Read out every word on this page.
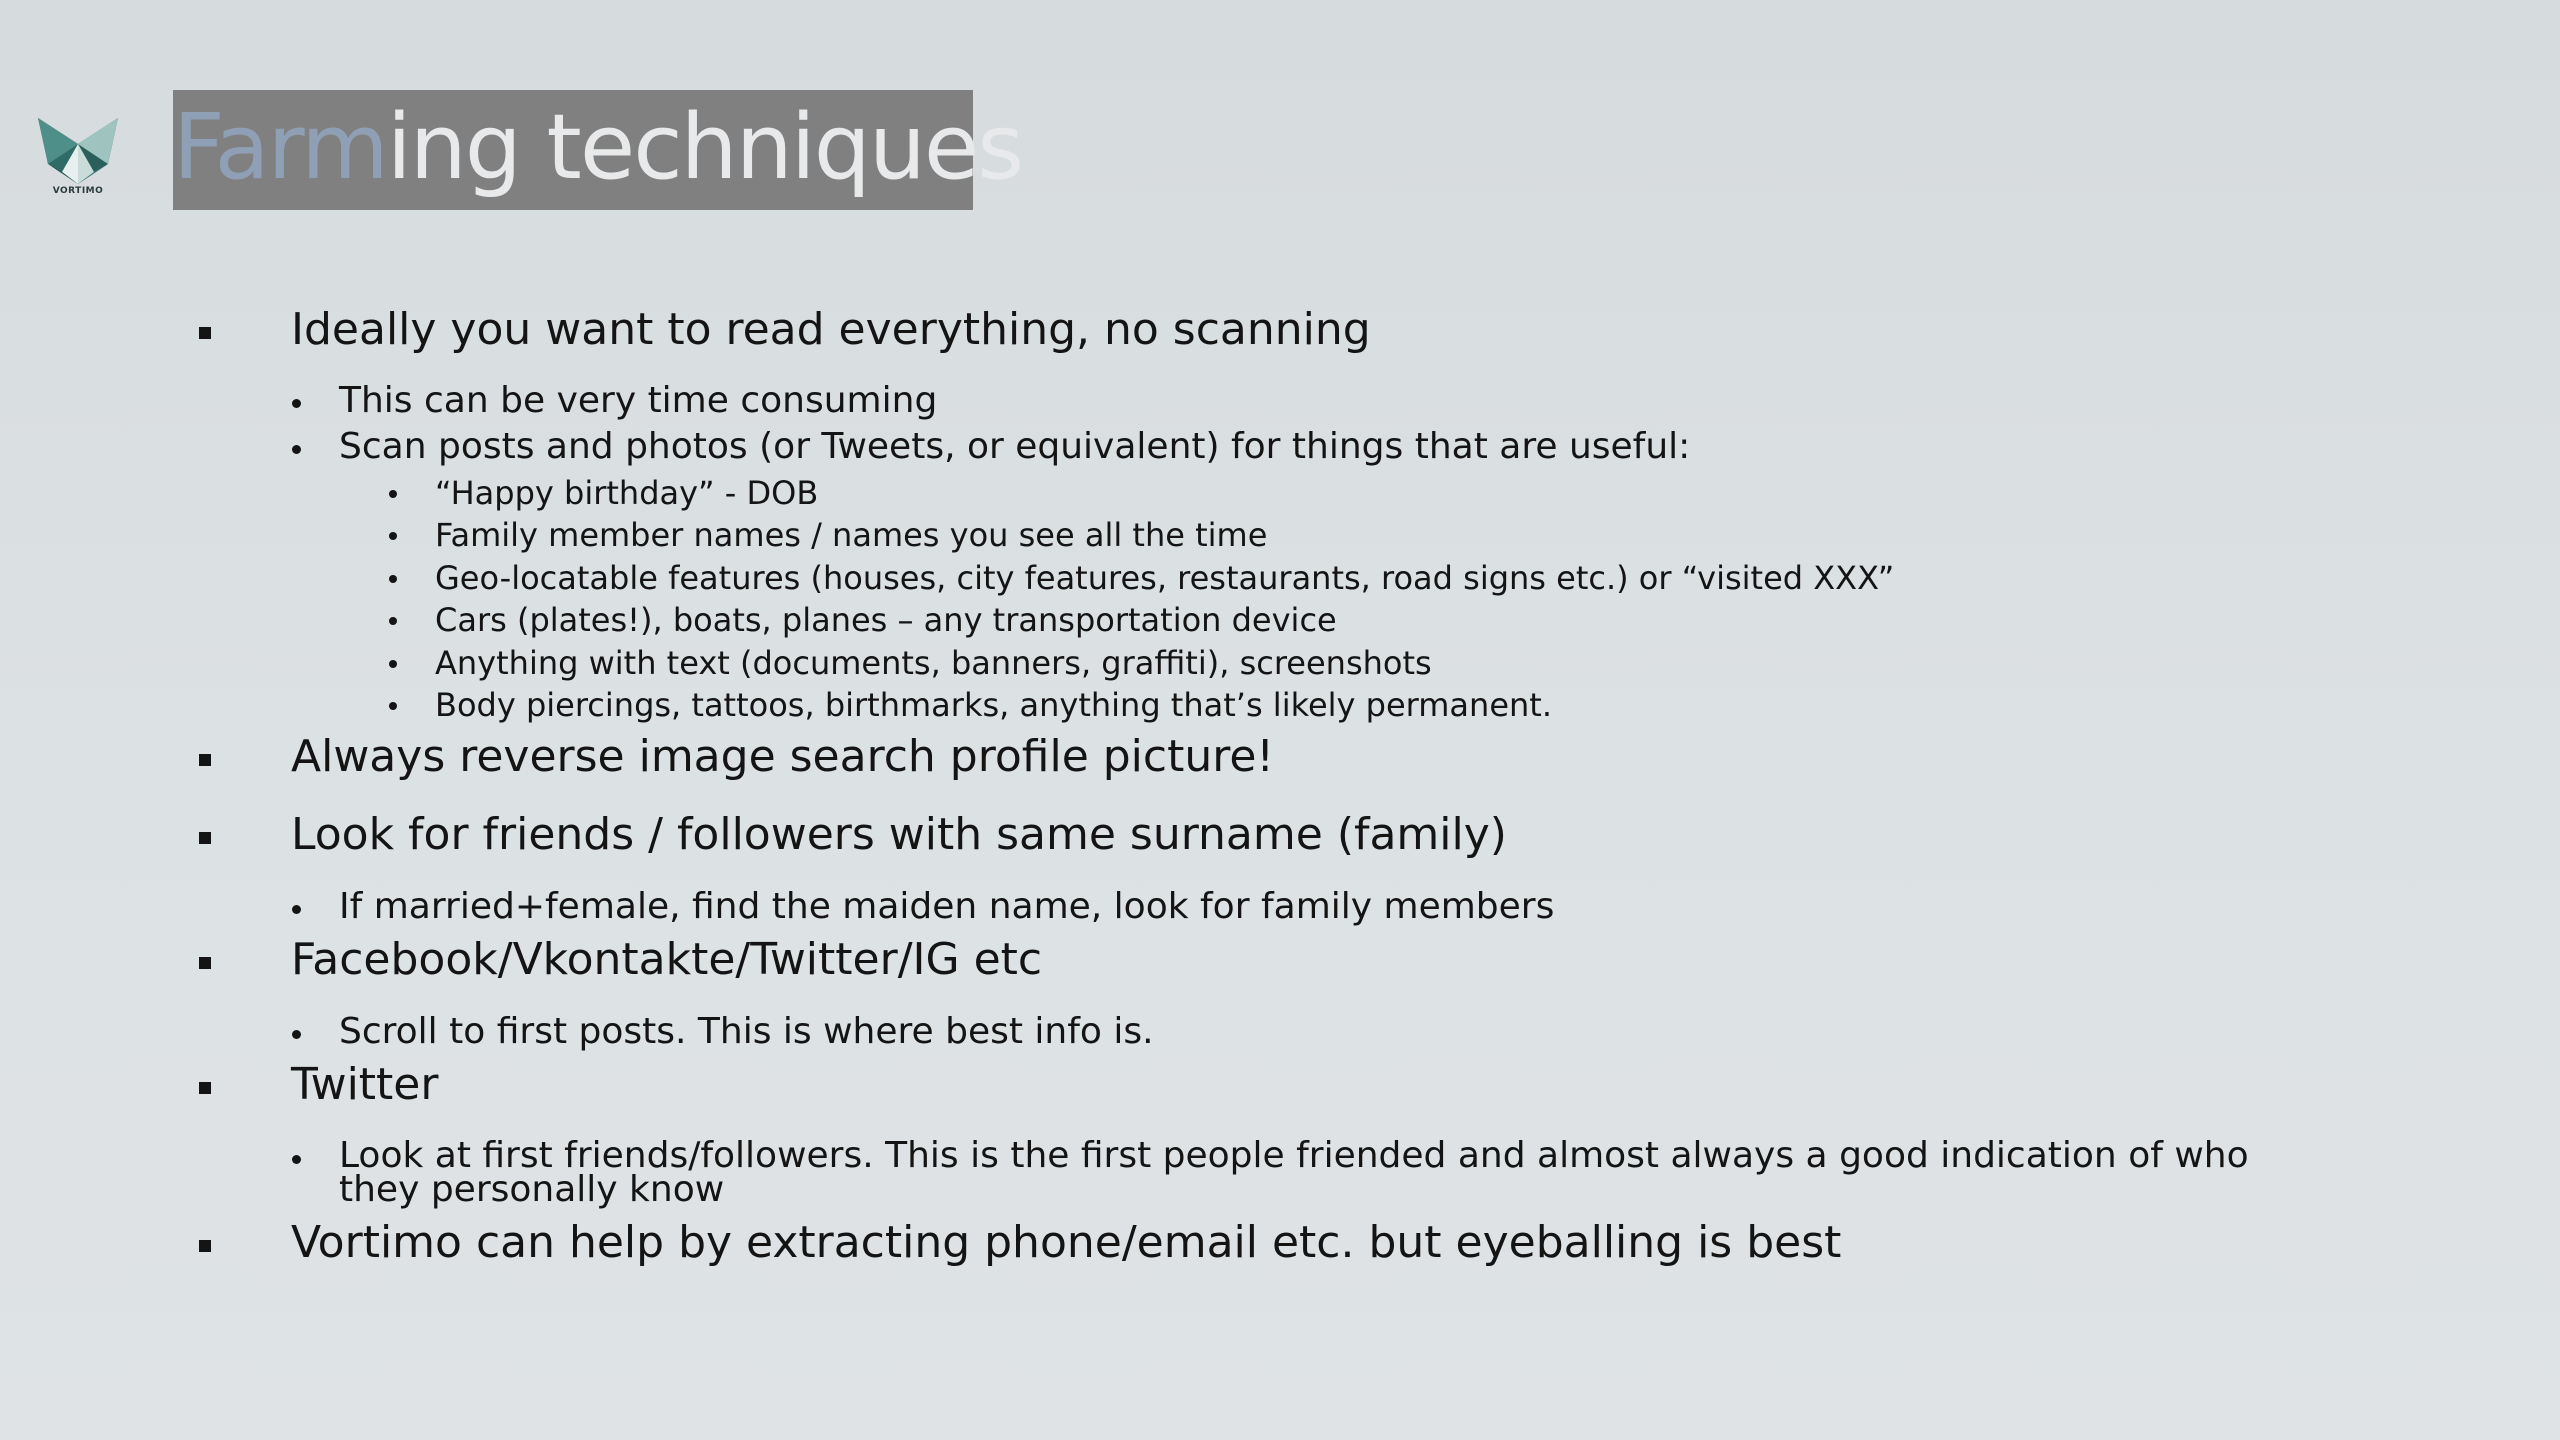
VORTIMO Farming techniques
Ideally you want to read everything, no scanning
This can be very time consuming
Scan posts and photos (or Tweets, or equivalent) for things that are useful:
“Happy birthday” - DOB
Family member names / names you see all the time
Geo-locatable features (houses, city features, restaurants, road signs etc.) or “visited XXX”
Cars (plates!), boats, planes – any transportation device
Anything with text (documents, banners, graffiti), screenshots
Body piercings, tattoos, birthmarks, anything that’s likely permanent.
Always reverse image search profile picture!
Look for friends / followers with same surname (family)
If married+female, find the maiden name, look for family members
Facebook/Vkontakte/Twitter/IG etc
Scroll to first posts. This is where best info is.
Twitter
Look at first friends/followers. This is the first people friended and almost always a good indication of who
they personally know
Vortimo can help by extracting phone/email etc. but eyeballing is best
